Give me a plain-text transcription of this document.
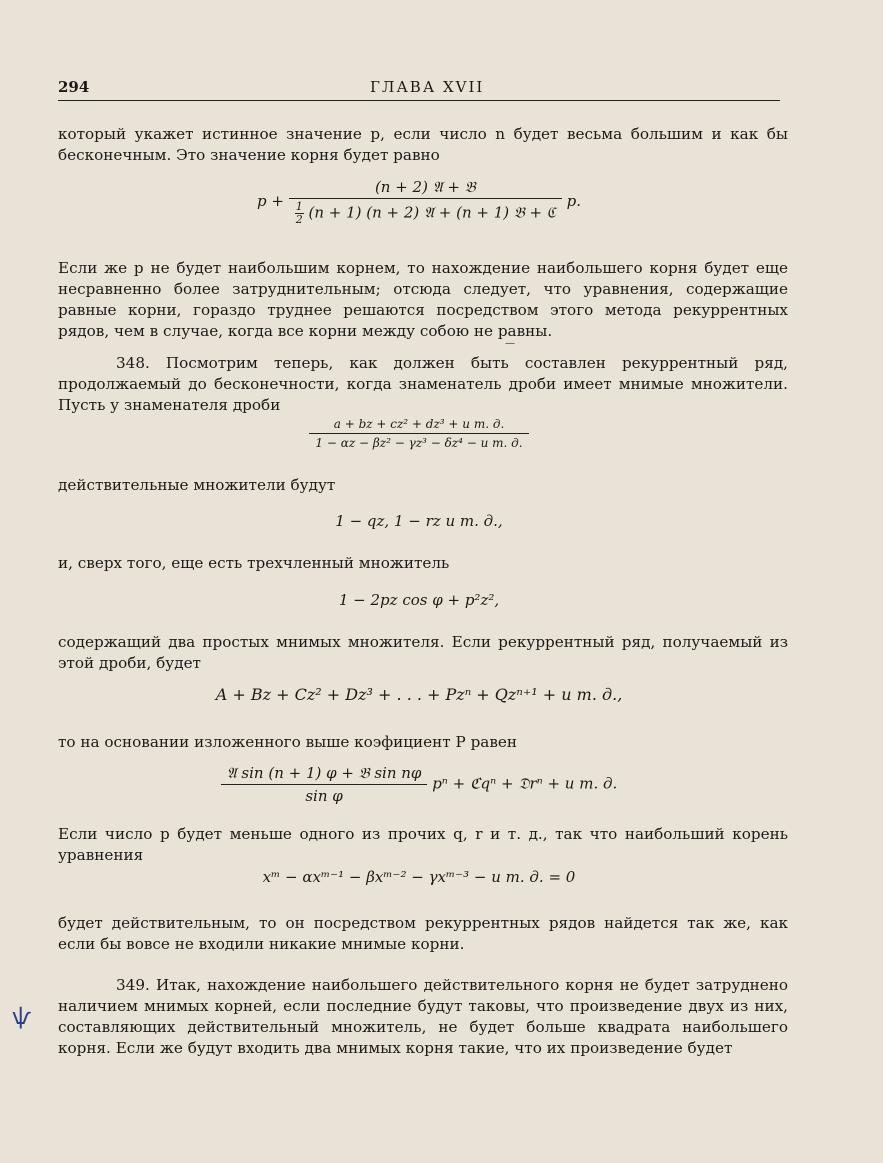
294	ГЛАВА XVII
который укажет истинное значение p, если число n будет весьма большим и как бы бесконечным. Это значение корня будет равно
p +
(n + 2) 𝔄 + 𝔅
$\frac{1}{2} (n + 1) (n + 2)$ 𝔄 + (n + 1) 𝔅 + ℭ
p.
Если же p не будет наибольшим корнем, то нахождение наибольшего корня будет еще несравненно более затруднительным; отсюда следует, что уравнения, содержащие равные корни, гораздо труднее решаются посредством этого метода рекуррентных рядов, чем в случае, когда все корни между собою не равны.
—
348. Посмотрим теперь, как должен быть составлен рекуррентный ряд, продолжаемый до бесконечности, когда знаменатель дроби имеет мнимые множители. Пусть у знаменателя дроби
$\frac{\text{a + bz + cz² + dz³ + и т. д.}}{\text{1 − αz − βz² − γz³ − δz⁴ − и т. д.}}$
действительные множители будут
1 − qz, 1 − rz и т. д.,
и, сверх того, еще есть трехчленный множитель
1 − 2pz cos φ + p²z²,
содержащий два простых мнимых множителя. Если рекуррентный ряд, получаемый из этой дроби, будет
A + Bz + Cz² + Dz³ + . . . + Pzⁿ + Qzⁿ⁺¹ + и т. д.,
то на основании изложенного выше коэфициент P равен
$\frac{\text{𝔄 sin (n + 1) φ + 𝔅 sin nφ}}{\text{sin φ}}$ pⁿ + ℭqⁿ + 𝔇rⁿ + и т. д.
Если число p будет меньше одного из прочих q, r и т. д., так что наибольший корень уравнения
xᵐ − αxᵐ⁻¹ − βxᵐ⁻² − γxᵐ⁻³ − и т. д. = 0
будет действительным, то он посредством рекуррентных рядов найдется так же, как если бы вовсе не входили никакие мнимые корни.
349. Итак, нахождение наибольшего действительного корня не будет затруднено наличием мнимых корней, если последние будут таковы, что произведение двух из них, составляющих действительный множитель, не будет больше квадрата наибольшего корня. Если же будут входить два мнимых корня такие, что их произведение будет
ѱ
